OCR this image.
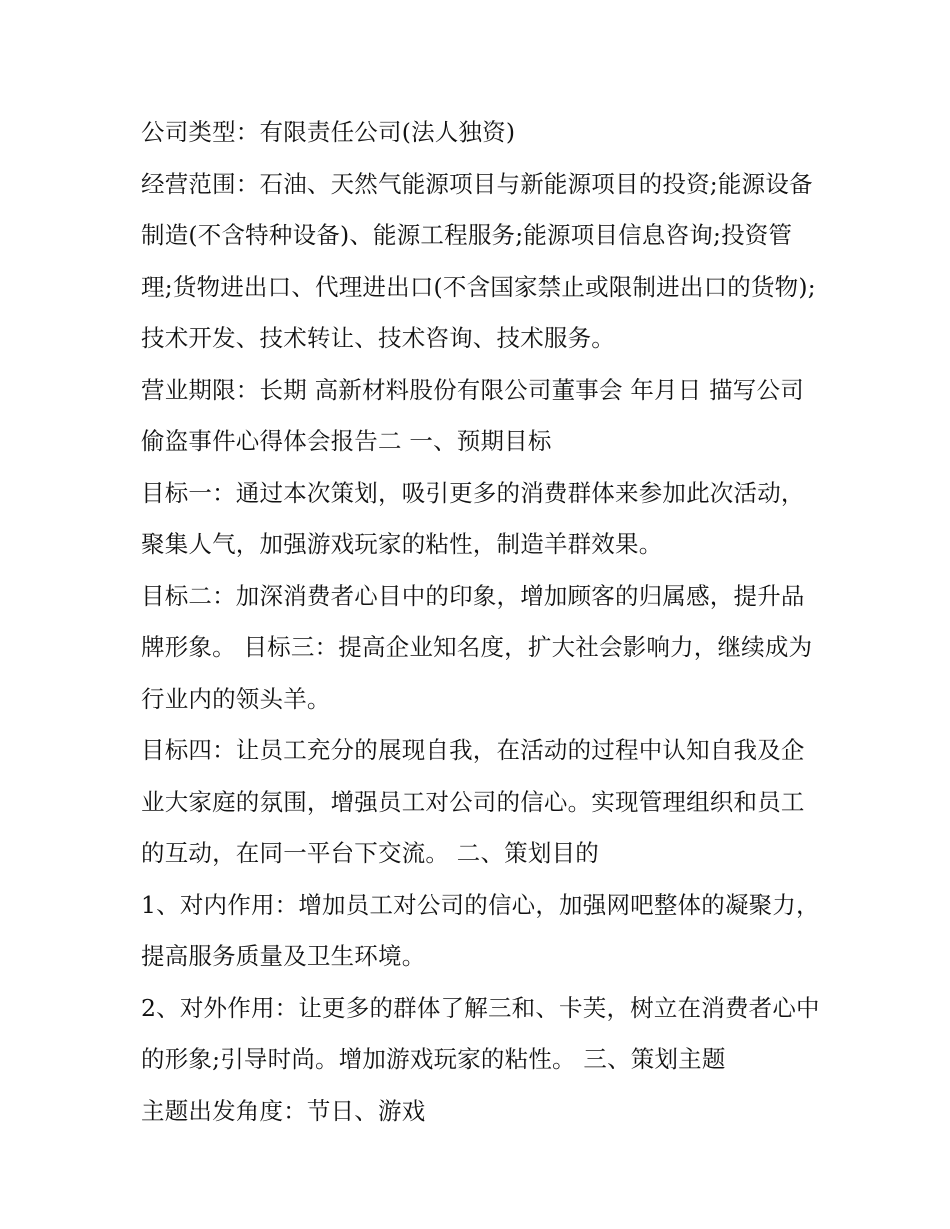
公司类型：有限责任公司(法人独资)

经营范围：石油、天然气能源项目与新能源项目的投资;能源设备制造(不含特种设备)、能源工程服务;能源项目信息咨询;投资管理;货物进出口、代理进出口(不含国家禁止或限制进出口的货物);技术开发、技术转让、技术咨询、技术服务。

营业期限：长期 高新材料股份有限公司董事会 年月日 描写公司偷盗事件心得体会报告二 一、预期目标

目标一：通过本次策划，吸引更多的消费群体来参加此次活动，聚集人气，加强游戏玩家的粘性，制造羊群效果。

目标二：加深消费者心目中的印象，增加顾客的归属感，提升品牌形象。 目标三：提高企业知名度，扩大社会影响力，继续成为行业内的领头羊。

目标四：让员工充分的展现自我，在活动的过程中认知自我及企业大家庭的氛围，增强员工对公司的信心。实现管理组织和员工的互动，在同一平台下交流。 二、策划目的

1、对内作用：增加员工对公司的信心，加强网吧整体的凝聚力，提高服务质量及卫生环境。

2、对外作用：让更多的群体了解三和、卡芙，树立在消费者心中的形象;引导时尚。增加游戏玩家的粘性。 三、策划主题

主题出发角度：节日、游戏
